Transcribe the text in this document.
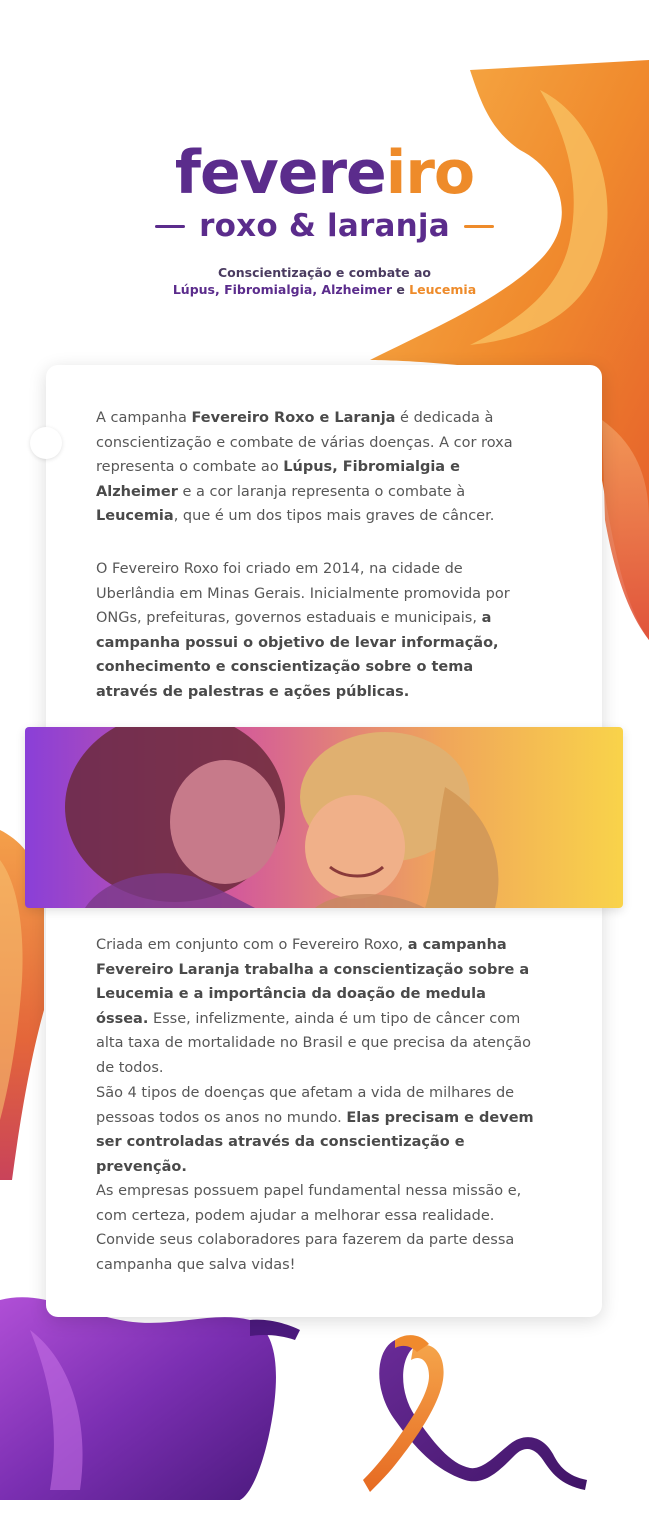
fevereiro
roxo & laranja
Conscientização e combate ao
Lúpus, Fibromialgia, Alzheimer e Leucemia
A campanha Fevereiro Roxo e Laranja é dedicada à conscientização e combate de várias doenças. A cor roxa representa o combate ao Lúpus, Fibromialgia e Alzheimer e a cor laranja representa o combate à Leucemia, que é um dos tipos mais graves de câncer.
O Fevereiro Roxo foi criado em 2014, na cidade de Uberlândia em Minas Gerais. Inicialmente promovida por ONGs, prefeituras, governos estaduais e municipais, a campanha possui o objetivo de levar informação, conhecimento e conscientização sobre o tema através de palestras e ações públicas.
Criada em conjunto com o Fevereiro Roxo, a campanha Fevereiro Laranja trabalha a conscientização sobre a Leucemia e a importância da doação de medula óssea. Esse, infelizmente, ainda é um tipo de câncer com alta taxa de mortalidade no Brasil e que precisa da atenção de todos.
São 4 tipos de doenças que afetam a vida de milhares de pessoas todos os anos no mundo. Elas precisam e devem ser controladas através da conscientização e prevenção.
As empresas possuem papel fundamental nessa missão e, com certeza, podem ajudar a melhorar essa realidade. Convide seus colaboradores para fazerem da parte dessa campanha que salva vidas!
